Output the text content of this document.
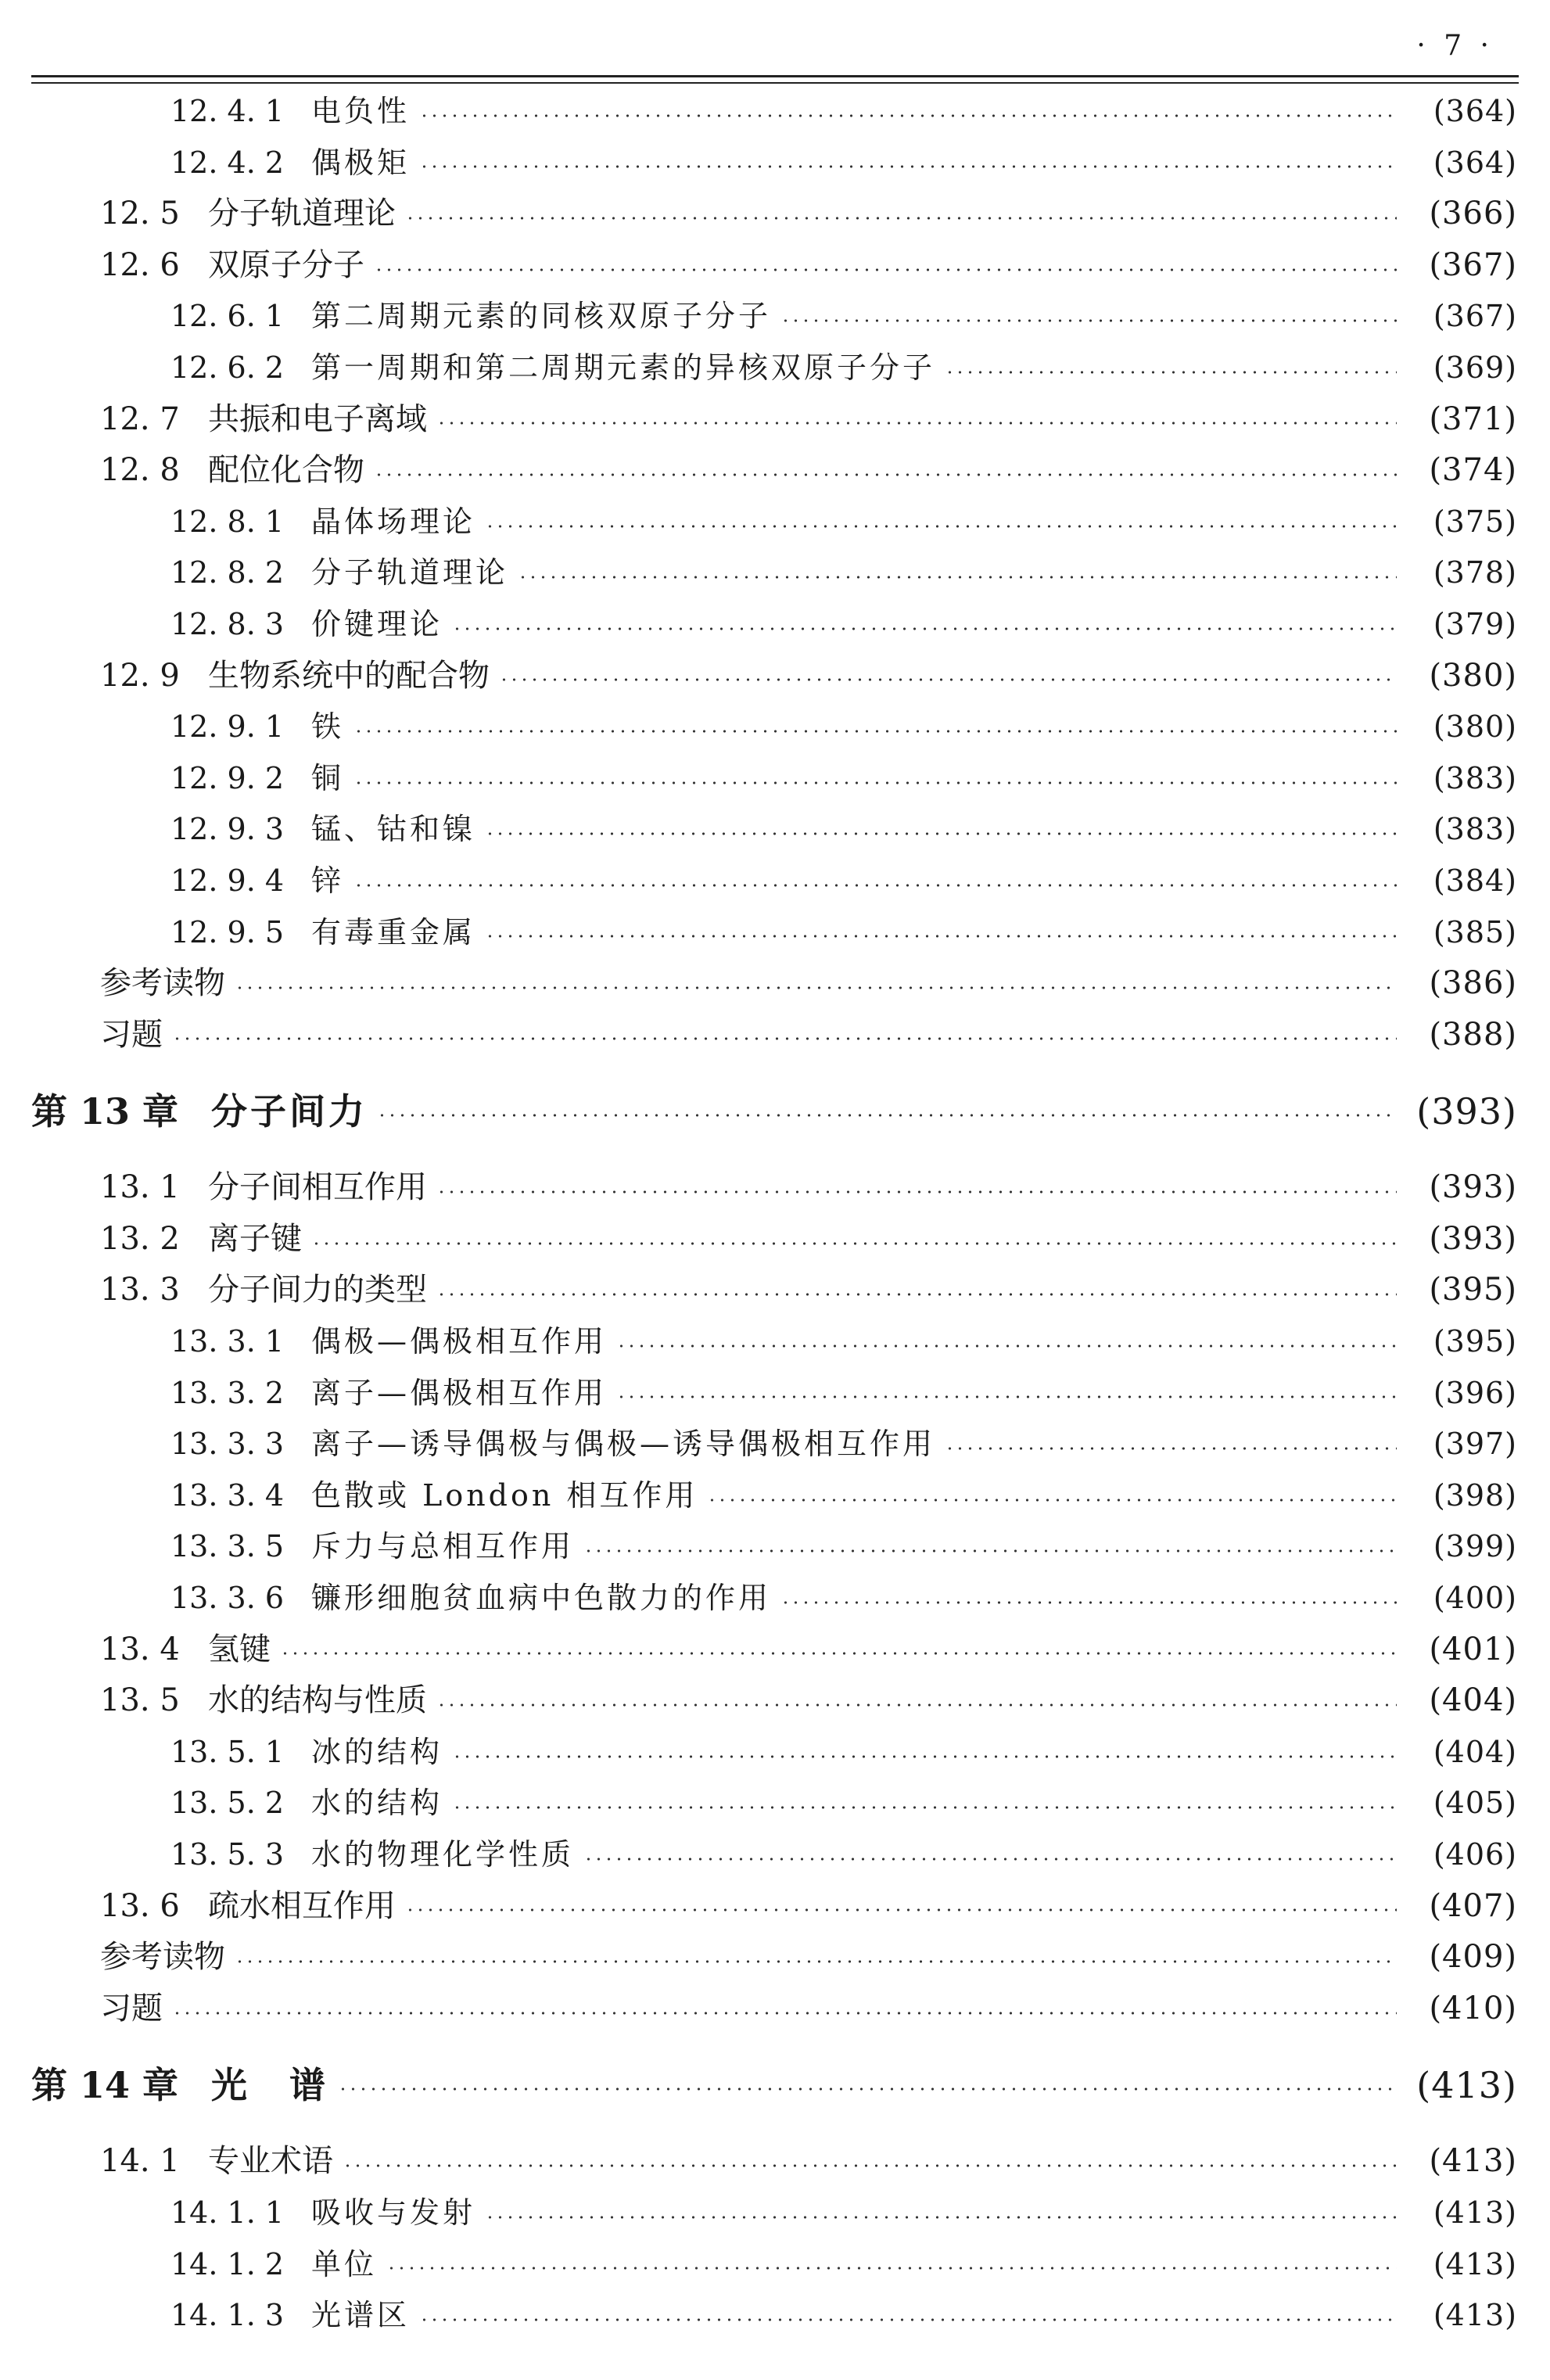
· 7 ·
12. 4. 1 电负性	(364)
12. 4. 2 偶极矩	(364)
12. 5 分子轨道理论	(366)
12. 6 双原子分子	(367)
12. 6. 1 第二周期元素的同核双原子分子	(367)
12. 6. 2 第一周期和第二周期元素的异核双原子分子	(369)
12. 7 共振和电子离域	(371)
12. 8 配位化合物	(374)
12. 8. 1 晶体场理论	(375)
12. 8. 2 分子轨道理论	(378)
12. 8. 3 价键理论	(379)
12. 9 生物系统中的配合物	(380)
12. 9. 1 铁	(380)
12. 9. 2 铜	(383)
12. 9. 3 锰、钴和镍	(383)
12. 9. 4 锌	(384)
12. 9. 5 有毒重金属	(385)
参考读物	(386)
习题	(388)
第 13 章 分子间力	(393)
13. 1 分子间相互作用	(393)
13. 2 离子键	(393)
13. 3 分子间力的类型	(395)
13. 3. 1 偶极—偶极相互作用	(395)
13. 3. 2 离子—偶极相互作用	(396)
13. 3. 3 离子—诱导偶极与偶极—诱导偶极相互作用	(397)
13. 3. 4 色散或 London 相互作用	(398)
13. 3. 5 斥力与总相互作用	(399)
13. 3. 6 镰形细胞贫血病中色散力的作用	(400)
13. 4 氢键	(401)
13. 5 水的结构与性质	(404)
13. 5. 1 冰的结构	(404)
13. 5. 2 水的结构	(405)
13. 5. 3 水的物理化学性质	(406)
13. 6 疏水相互作用	(407)
参考读物	(409)
习题	(410)
第 14 章 光　谱	(413)
14. 1 专业术语	(413)
14. 1. 1 吸收与发射	(413)
14. 1. 2 单位	(413)
14. 1. 3 光谱区	(413)
